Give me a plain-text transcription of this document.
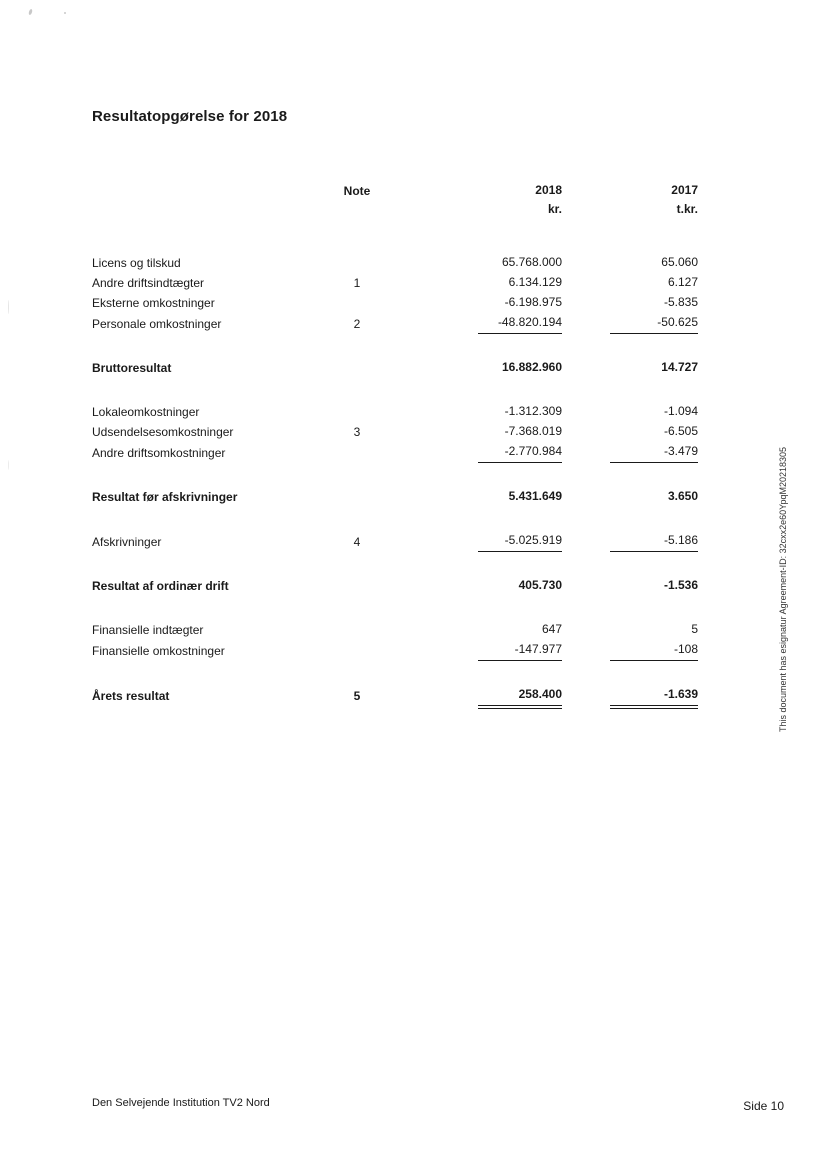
Resultatopgørelse for 2018
Note	2018	2017
kr.	t.kr.
Licens og tilskud	65.768.000	65.060
Andre driftsindtægter	1	6.134.129	6.127
Eksterne omkostninger	-6.198.975	-5.835
Personale omkostninger	2	-48.820.194	-50.625
Bruttoresultat	16.882.960	14.727
Lokaleomkostninger	-1.312.309	-1.094
Udsendelsesomkostninger	3	-7.368.019	-6.505
Andre driftsomkostninger	-2.770.984	-3.479
Resultat før afskrivninger	5.431.649	3.650
Afskrivninger	4	-5.025.919	-5.186
Resultat af ordinær drift	405.730	-1.536
Finansielle indtægter	647	5
Finansielle omkostninger	-147.977	-108
Årets resultat	5	258.400	-1.639	This document has esignatur Agreement-ID: 32cxx2e60YpqM20218305
Den Selvejende Institution TV2 Nord	Side 10
